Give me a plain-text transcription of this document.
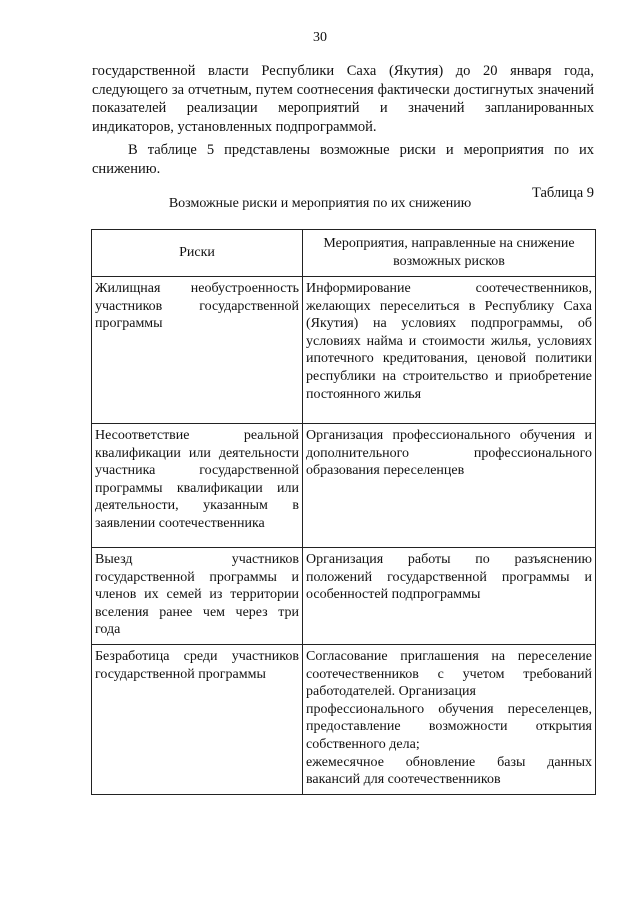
30
государственной власти Республики Саха (Якутия) до 20 января года, следующего за отчетным, путем соотнесения фактически достигнутых значений показателей реализации мероприятий и значений запланированных индикаторов, установленных подпрограммой.
В таблице 5 представлены возможные риски и мероприятия по их снижению.
Таблица 9
Возможные риски и мероприятия по их снижению
Риски	Мероприятия, направленные на снижение возможных рисков
Жилищная необустроенность участников государственной программы	Информирование соотечественников, желающих переселиться в Республику Саха (Якутия) на условиях подпрограммы, об условиях найма и стоимости жилья, условиях ипотечного кредитования, ценовой политики республики на строительство и приобретение постоянного жилья
Несоответствие реальной квалификации или деятельности участника государственной программы квалификации или деятельности, указанным в заявлении соотечественника	Организация профессионального обучения и дополнительного профессионального образования переселенцев
Выезд участников государственной программы и членов их семей из территории вселения ранее чем через три года	Организация работы по разъяснению положений государственной программы и особенностей подпрограммы
Безработица среди участников государственной программы	Согласование приглашения на переселение соотечественников с учетом требований работодателей. Организация
профессионального обучения переселенцев, предоставление возможности открытия собственного дела;
ежемесячное обновление базы данных вакансий для соотечественников
